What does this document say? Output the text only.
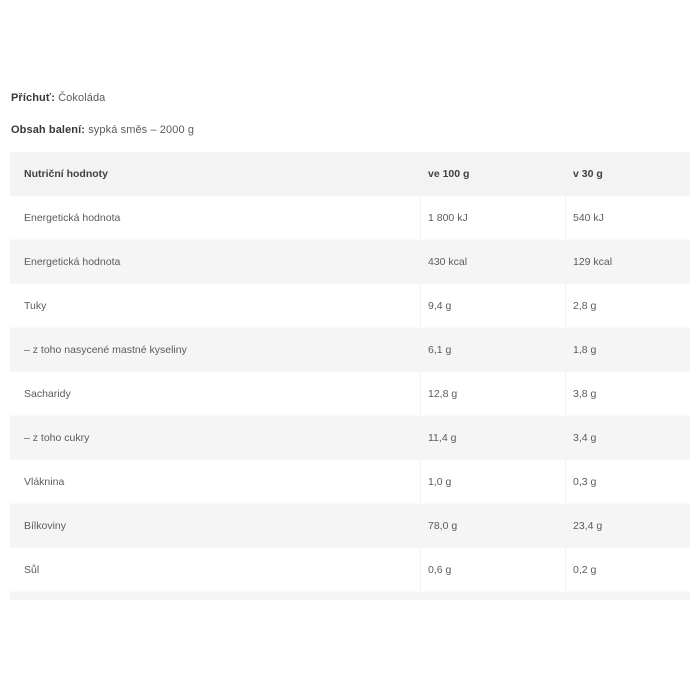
Příchuť: Čokoláda
Obsah balení: sypká směs – 2000 g
Nutriční hodnoty	ve 100 g	v 30 g
Energetická hodnota	1 800 kJ	540 kJ
Energetická hodnota	430 kcal	129 kcal
Tuky	9,4 g	2,8 g
– z toho nasycené mastné kyseliny	6,1 g	1,8 g
Sacharidy	12,8 g	3,8 g
– z toho cukry	11,4 g	3,4 g
Vláknina	1,0 g	0,3 g
Bílkoviny	78,0 g	23,4 g
Sůl	0,6 g	0,2 g
